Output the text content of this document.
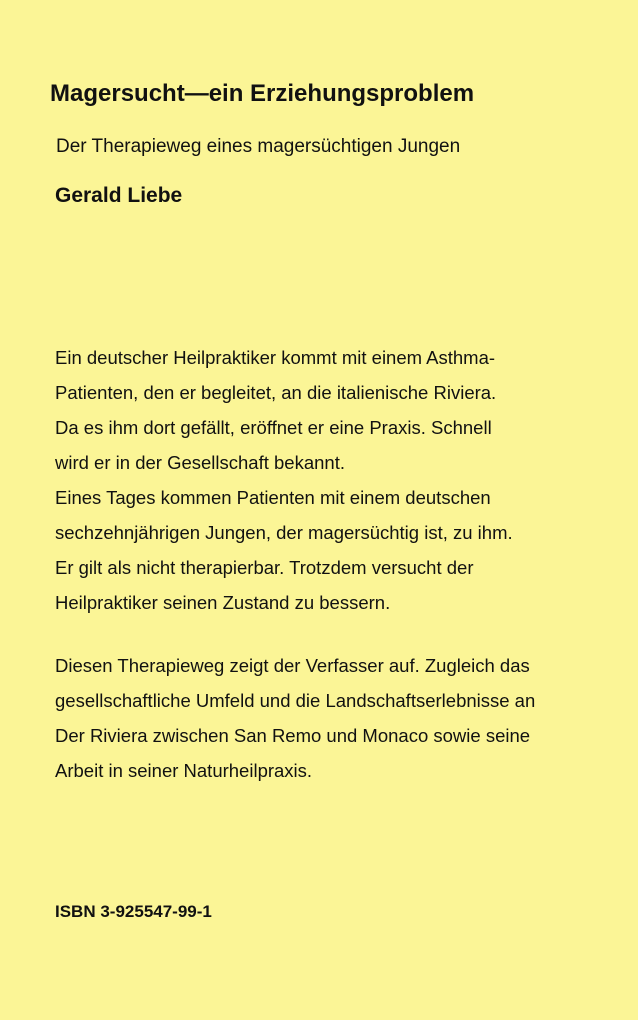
Magersucht—ein Erziehungsproblem
Der Therapieweg eines magersüchtigen Jungen
Gerald Liebe
Ein deutscher Heilpraktiker kommt mit einem Asthma-
Patienten, den er begleitet, an die italienische Riviera.
Da es ihm dort gefällt, eröffnet er eine Praxis. Schnell
wird er in der Gesellschaft bekannt.
Eines Tages kommen Patienten mit einem deutschen
sechzehnjährigen Jungen, der magersüchtig ist, zu ihm.
Er gilt als nicht therapierbar. Trotzdem versucht der
Heilpraktiker seinen Zustand zu bessern.
Diesen Therapieweg zeigt der Verfasser auf. Zugleich das
gesellschaftliche Umfeld und die Landschaftserlebnisse an
Der Riviera zwischen San Remo und Monaco sowie seine
Arbeit in seiner Naturheilpraxis.
ISBN 3-925547-99-1
